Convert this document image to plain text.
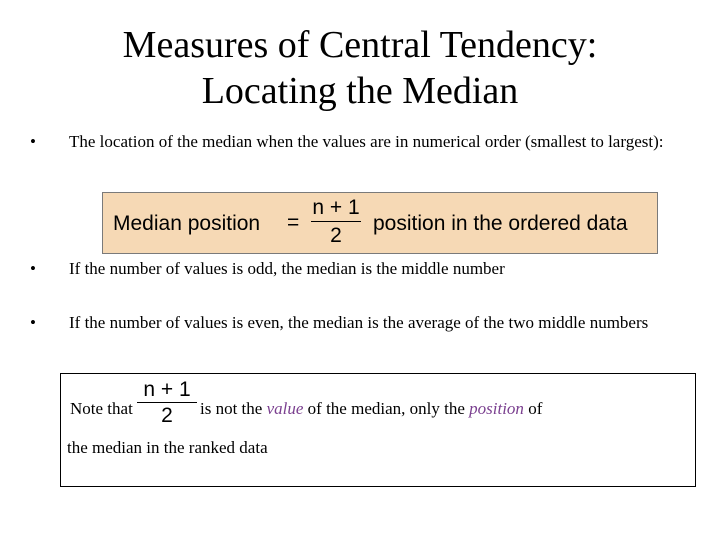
Measures of Central Tendency:
Locating the Median
• The location of the median when the values are in numerical order (smallest to largest):
Median position =
n + 1
2
position in the ordered data
• If the number of values is odd, the median is the middle number
• If the number of values is even, the median is the average of the two middle numbers
Note that
n + 1
2	is not the value of the median, only the position of
the median in the ranked data
